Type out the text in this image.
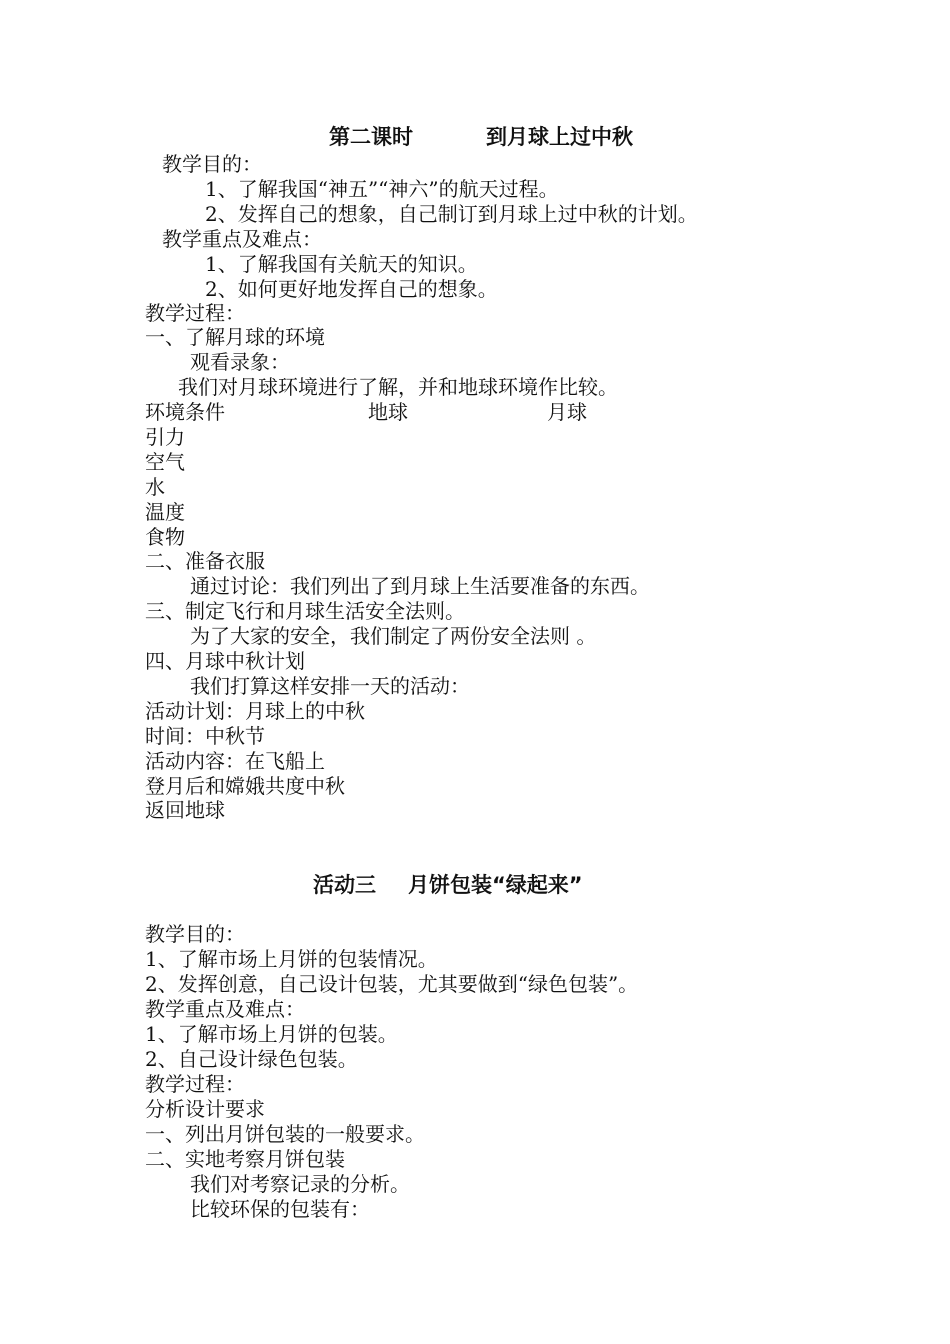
第二课时	到月球上过中秋
教学目的：
1、了解我国“神五”“神六”的航天过程。
2、发挥自己的想象，自己制订到月球上过中秋的计划。
教学重点及难点：
1、了解我国有关航天的知识。
2、如何更好地发挥自己的想象。
教学过程：
一、了解月球的环境
观看录象：
我们对月球环境进行了解，并和地球环境作比较。
环境条件	地球	月球
引力
空气
水
温度
食物
二、准备衣服
通过讨论：我们列出了到月球上生活要准备的东西。
三、制定飞行和月球生活安全法则。
为了大家的安全，我们制定了两份安全法则 。
四、月球中秋计划
我们打算这样安排一天的活动：
活动计划：月球上的中秋
时间：中秋节
活动内容：在飞船上
登月后和嫦娥共度中秋
返回地球
活动三 月饼包装“绿起来”
教学目的：
1、了解市场上月饼的包装情况。
2、发挥创意，自己设计包装，尤其要做到“绿色包装”。
教学重点及难点：
1、了解市场上月饼的包装。
2、自己设计绿色包装。
教学过程：
分析设计要求
一、列出月饼包装的一般要求。
二、实地考察月饼包装
我们对考察记录的分析。
比较环保的包装有：
